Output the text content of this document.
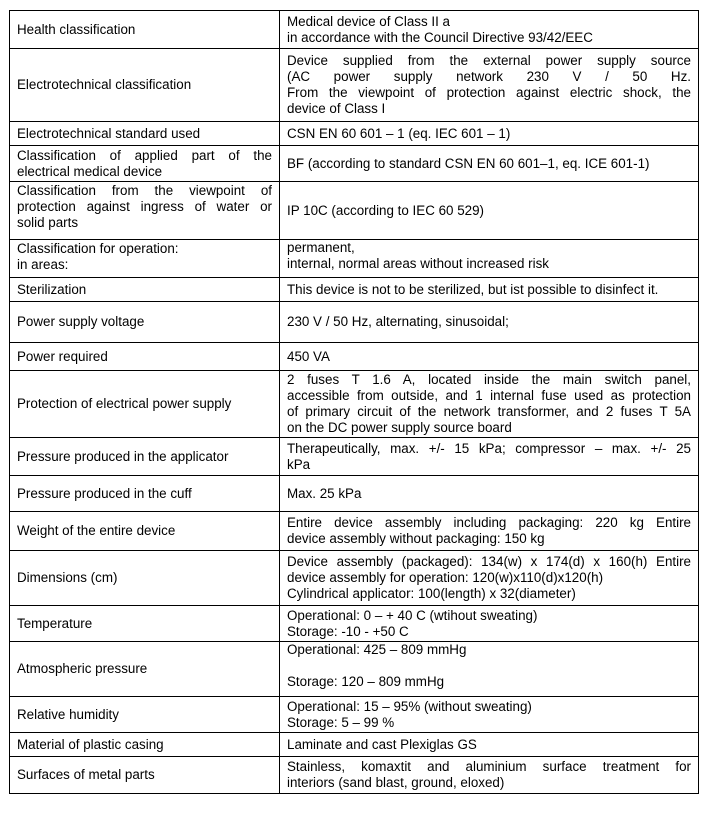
Health classification	Medical device of Class II a
in accordance with the Council Directive 93/42/EEC

Electrotechnical classification	Device supplied from the external power supply source
(AC power supply network 230 V / 50 Hz.
From the viewpoint of protection against electric shock, the
device of Class I

Electrotechnical standard used	CSN EN 60 601 – 1 (eq. IEC 601 – 1)

Classification of applied part of the
electrical medical device	BF (according to standard CSN EN 60 601–1, eq. ICE 601-1)

Classification from the viewpoint of
protection against ingress of water or
solid parts	IP 10C (according to IEC 60 529)

Classification for operation:
in areas:	permanent,
internal, normal areas without increased risk

Sterilization	This device is not to be sterilized, but ist possible to disinfect it.

Power supply voltage	230 V / 50 Hz, alternating, sinusoidal;

Power required	450 VA

Protection of electrical power supply	2 fuses T 1.6 A, located inside the main switch panel,
accessible from outside, and 1 internal fuse used as protection
of primary circuit of the network transformer, and 2 fuses T 5A
on the DC power supply source board

Pressure produced in the applicator	Therapeutically, max. +/- 15 kPa; compressor – max. +/- 25
kPa

Pressure produced in the cuff	Max. 25 kPa

Weight of the entire device	Entire device assembly including packaging: 220 kg Entire
device assembly without packaging: 150 kg

Dimensions (cm)	Device assembly (packaged): 134(w) x 174(d) x 160(h) Entire
device assembly for operation: 120(w)x110(d)x120(h)
Cylindrical applicator: 100(length) x 32(diameter)

Temperature	Operational: 0 – + 40 C (wtihout sweating)
Storage: -10 - +50 C

Atmospheric pressure	Operational: 425 – 809 mmHg

Storage: 120 – 809 mmHg

Relative humidity	Operational: 15 – 95% (without sweating)
Storage: 5 – 99 %

Material of plastic casing	Laminate and cast Plexiglas GS

Surfaces of metal parts	Stainless, komaxtit and aluminium surface treatment for
interiors (sand blast, ground, eloxed)
